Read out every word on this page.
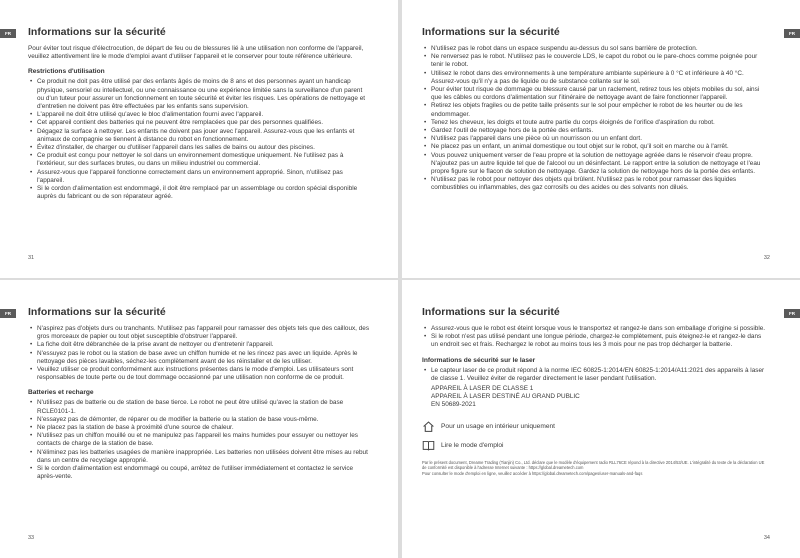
FR	Informations sur la sécurité

Pour éviter tout risque d'électrocution, de départ de feu ou de blessures lié à une utilisation non conforme de l'appareil, veuillez attentivement lire le mode d'emploi avant d'utiliser l'appareil et le conserver pour toute référence ultérieure.

Restrictions d'utilisation
• Ce produit ne doit pas être utilisé par des enfants âgés de moins de 8 ans et des personnes ayant un handicap physique, sensoriel ou intellectuel, ou une connaissance ou une expérience limitée sans la surveillance d'un parent ou d'un tuteur pour assurer un fonctionnement en toute sécurité et éviter les risques. Les opérations de nettoyage et d'entretien ne doivent pas être effectuées par les enfants sans supervision.
• L'appareil ne doit être utilisé qu'avec le bloc d'alimentation fourni avec l'appareil.
• Cet appareil contient des batteries qui ne peuvent être remplacées que par des personnes qualifiées.
• Dégagez la surface à nettoyer. Les enfants ne doivent pas jouer avec l'appareil. Assurez-vous que les enfants et animaux de compagnie se tiennent à distance du robot en fonctionnement.
• Évitez d'installer, de charger ou d'utiliser l'appareil dans les salles de bains ou autour des piscines.
• Ce produit est conçu pour nettoyer le sol dans un environnement domestique uniquement. Ne l'utilisez pas à l'extérieur, sur des surfaces brutes, ou dans un milieu industriel ou commercial.
• Assurez-vous que l'appareil fonctionne correctement dans un environnement approprié. Sinon, n'utilisez pas l'appareil.
• Si le cordon d'alimentation est endommagé, il doit être remplacé par un assemblage ou cordon spécial disponible auprès du fabricant ou de son réparateur agréé.
31
FR
Informations sur la sécurité
• N'utilisez pas le robot dans un espace suspendu au-dessus du sol sans barrière de protection.
• Ne renversez pas le robot. N'utilisez pas le couvercle LDS, le capot du robot ou le pare-chocs comme poignée pour tenir le robot.
• Utilisez le robot dans des environnements à une température ambiante supérieure à 0 °C et inférieure à 40 °C. Assurez-vous qu'il n'y a pas de liquide ou de substance collante sur le sol.
• Pour éviter tout risque de dommage ou blessure causé par un raclement, retirez tous les objets mobiles du sol, ainsi que les câbles ou cordons d'alimentation sur l'itinéraire de nettoyage avant de faire fonctionner l'appareil.
• Retirez les objets fragiles ou de petite taille présents sur le sol pour empêcher le robot de les heurter ou de les endommager.
• Tenez les cheveux, les doigts et toute autre partie du corps éloignés de l'orifice d'aspiration du robot.
• Gardez l'outil de nettoyage hors de la portée des enfants.
• N'utilisez pas l'appareil dans une pièce où un nourrisson ou un enfant dort.
• Ne placez pas un enfant, un animal domestique ou tout objet sur le robot, qu'il soit en marche ou à l'arrêt.
• Vous pouvez uniquement verser de l'eau propre et la solution de nettoyage agréée dans le réservoir d'eau propre. N'ajoutez pas un autre liquide tel que de l'alcool ou un désinfectant. Le rapport entre la solution de nettoyage et l'eau propre figure sur le flacon de solution de nettoyage. Gardez la solution de nettoyage hors de la portée des enfants.
• N'utilisez pas le robot pour nettoyer des objets qui brûlent. N'utilisez pas le robot pour ramasser des liquides combustibles ou inflammables, des gaz corrosifs ou des acides ou des solvants non dilués.
32
FR	Informations sur la sécurité
• N'aspirez pas d'objets durs ou tranchants. N'utilisez pas l'appareil pour ramasser des objets tels que des cailloux, des gros morceaux de papier ou tout objet susceptible d'obstruer l'appareil.
• La fiche doit être débranchée de la prise avant de nettoyer ou d'entretenir l'appareil.
• N'essuyez pas le robot ou la station de base avec un chiffon humide et ne les rincez pas avec un liquide. Après le nettoyage des pièces lavables, séchez-les complètement avant de les réinstaller et de les utiliser.
• Veuillez utiliser ce produit conformément aux instructions présentes dans le mode d'emploi. Les utilisateurs sont responsables de toute perte ou de tout dommage occasionné par une utilisation non conforme de ce produit.
Batteries et recharge
• N'utilisez pas de batterie ou de station de base tierce. Le robot ne peut être utilisé qu'avec la station de base RCLE0101-1.
• N'essayez pas de démonter, de réparer ou de modifier la batterie ou la station de base vous-même.
• Ne placez pas la station de base à proximité d'une source de chaleur.
• N'utilisez pas un chiffon mouillé ou et ne manipulez pas l'appareil les mains humides pour essuyer ou nettoyer les contacts de charge de la station de base.
• N'éliminez pas les batteries usagées de manière inappropriée. Les batteries non utilisées doivent être mises au rebut dans un centre de recyclage approprié.
• Si le cordon d'alimentation est endommagé ou coupé, arrêtez de l'utiliser immédiatement et contactez le service après-vente.
33
FR
Informations sur la sécurité
• Assurez-vous que le robot est éteint lorsque vous le transportez et rangez-le dans son emballage d'origine si possible.
• Si le robot n'est pas utilisé pendant une longue période, chargez-le complètement, puis éteignez-le et rangez-le dans un endroit sec et frais. Rechargez le robot au moins tous les 3 mois pour ne pas trop décharger la batterie.
Informations de sécurité sur le laser
• Le capteur laser de ce produit répond à la norme IEC 60825-1:2014/EN 60825-1:2014/A11:2021 des appareils à laser de classe 1. Veuillez éviter de regarder directement le laser pendant l'utilisation.
APPAREIL À LASER DE CLASSE 1
APPAREIL À LASER DESTINÉ AU GRAND PUBLIC
EN 50689-2021
Pour un usage en intérieur uniquement
Lire le mode d'emploi
Par le présent document, Dreame Trading (Tianjin) Co., Ltd. déclare que le modèle d'équipement radio RLL76CE répond à la directive 2014/53/UE. L'intégralité du texte de la déclaration UE de conformité est disponible à l'adresse Internet suivante : https://global.dreametech.com
Pour consulter le mode d'emploi en ligne, veuillez accéder à https://global.dreametech.com/pages/user-manuals-and-faqs
34
